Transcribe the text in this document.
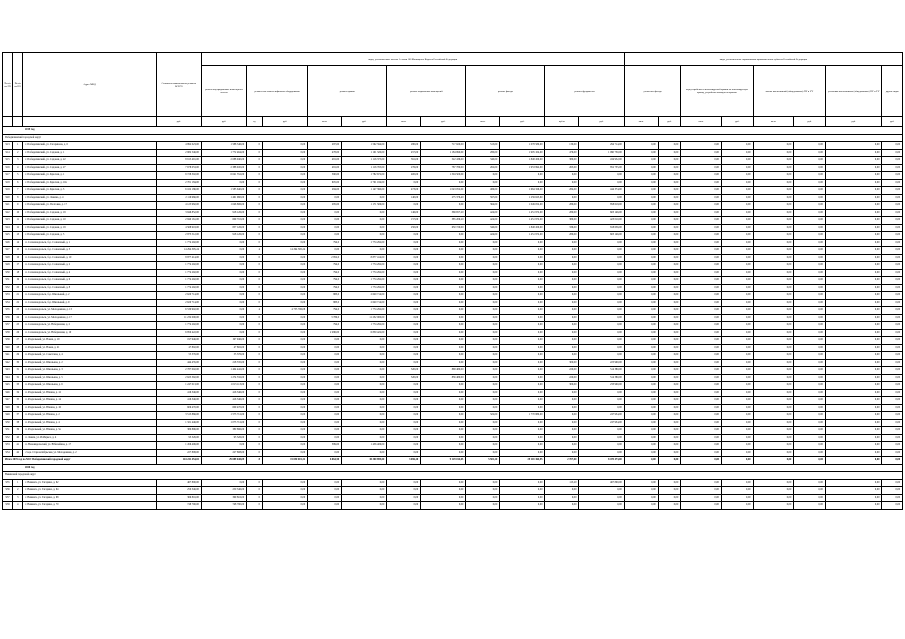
№ п/п по РП	№ п/п по НО	Адрес МКД	Стоимость капитального ремонта ВСЕГО	виды, установленные частью 1 статьи 166 Жилищного Кодекса Российской Федерации											виды, установленные нормативным правовым актом субъекта Российской Федерации							
				ремонт внутридомовых инженерных систем	ремонт или замена лифтового оборудования		ремонт крыши		ремонт подвальных помещений		ремонт фасада		ремонт фундамента		утепление фасада		переустройство невентилируемой крыши на вентилируемую крышу, устройство выходов на кровлю		замена коллективной (общедомовых) ПУ и УУ		установка коллективных (общедомовых) ПУ и УУ	другие виды
			руб.	руб.	ед.	руб.	кв.м.	руб.	кв.м.	руб.	кв.м.	руб.	куб.м.	руб.	кв.м.	руб.	кв.м.	руб.	кв.м.	руб.	руб.	руб.
2019 год																						
Победилинский городской округ																						
913	1	г. Победилинский, ул. Гагаринова, д. 6	4 892 023,00	1 588 546,00	0	0,00	287,00	1 592 594,00	280,00	717 920,00	515,00	1 078 580,00	130,00	294 714,00	0,00	0,00	0,00	0,00	0,00	0,00	0,00	0,00
914	2	г. Победилинский, ул. Садовая, д. 1	2 982 546,00	1 772 464,00	0	0,00	478,00	1 101 320,00	457,00	1 184 990,00	280,00	1 905 104,00	476,00	1 090 730,00	0,00	0,00	0,00	0,00	0,00	0,00	0,00	0,00
915	3	г. Победилинский, ул. Садовая, д. 22	8 915 491,00	2 088 940,00	0	0,00	481,00	1 116 375,00	391,00	522 436,00	340,00	1 848 450,00	380,00	434 952,00	0,00	0,00	0,00	0,00	0,00	0,00	0,00	0,00
916	4	г. Победилинский, ул. Садовая, д. 27	7 678 053,00	2 388 945,00	0	0,00	481,00	1 116 765,00	276,00	787 780,00	262,00	1 953 992,00	265,00	852 735,00	0,00	0,00	0,00	0,00	0,00	0,00	0,00	0,00
917	5	г. Победилинский, ул. Красная, д. 1	9 728 302,00	6 041 552,00	0	0,00	590,00	1 782 672,00	400,00	1 304 500,00	0,00	0,00	0,00	0,00	0,00	0,00	0,00	0,00	0,00	0,00	0,00	0,00
918	6	г. Победилинский, ул. Красная, д. 10а	2 701 184,00	0,00	0	0,00	605,00	2 701 184,00	0,00	0,00	0,00	0,00	0,00	0,00	0,00	0,00	0,00	0,00	0,00	0,00	0,00	0,00
919	7	г. Победилинский, ул. Красная, д. 3	6 162 186,00	1 585 640,00	0	0,00	284,00	1 147 390,00	473,00	1 043 052,00	486,00	1 664 326,00	284,00	444 374,00	0,00	0,00	0,00	0,00	0,00	0,00	0,00	0,00
920	8	г. Победилинский, ул. Ленина, д. 4	2 116 966,00	1 461 960,00	0	0,00	0,00	0,00	140,00	275 376,40	597,00	1 259 625,60	0,00	0,00	0,00	0,00	0,00	0,00	0,00	0,00	0,00	0,00
921	9	г. Победилинский, ул. Почтовая, д. 17	4 125 982,00	1 046 806,00	0	0,00	285,00	1 171 506,00	0,00	0,00	364,00	1 049 052,00	280,00	858 618,00	0,00	0,00	0,00	0,00	0,00	0,00	0,00	0,00
922	10	г. Победилинский, ул. Садовая, д. 19	3 946 852,00	918 126,00	0	0,00	0,00	0,00	146,00	369 657,20	424,00	1 451 972,00	280,00	603 146,00	0,00	0,00	0,00	0,00	0,00	0,00	0,00	0,00
923	11	г. Победилинский, ул. Садовая, д. 10	2 840 161,00	609 710,00	0	0,00	0,00	0,00	157,00	385 209,20	424,00	1 451 972,00	380,00	423 010,00	0,00	0,00	0,00	0,00	0,00	0,00	0,00	0,00
924	12	г. Победилинский, ул. Садовая, д. 19	4 568 918,00	857 126,00	0	0,00	0,00	0,00	250,00	650 720,00	340,00	1 848 450,00	336,00	818 656,00	0,00	0,00	0,00	0,00	0,00	0,00	0,00	0,00
925	13	г. Победилинский, ул. Садовая, д. 5	2 873 512,00	918 126,00	0	0,00	0,00	0,00	0,00	0,00	424,00	1 451 972,00	280,00	603 146,00	0,00	0,00	0,00	0,00	0,00	0,00	0,00	0,00
926	14	п. Солнечнодольск, б-р. Солнечный, д. 1	1 774 292,00	0,00	0	0,00	794,0	1 774 292,00	0,00	0,00	0,00	0,00	0,00	0,00	0,00	0,00	0,00	0,00	0,00	0,00	0,00	0,00
927	15	п. Солнечнодольск, б-р. Солнечный, д. 3	14 294 395,24	0,00	4	14 294 395,24	0,00	0,00	0,00	0,00	0,00	0,00	0,00	0,00	0,00	0,00	0,00	0,00	0,00	0,00	0,00	0,00
928	16	п. Солнечнодольск, б-р. Солнечный, д. 10	8 877 414,00	0,00	0	0,00	2 852,0	8 877 414,00	0,00	0,00	0,00	0,00	0,00	0,00	0,00	0,00	0,00	0,00	0,00	0,00	0,00	0,00
929	17	п. Солнечнодольск, б-р. Солнечный, д. 2	1 774 292,00	0,00	0	0,00	794,0	1 774 292,00	0,00	0,00	0,00	0,00	0,00	0,00	0,00	0,00	0,00	0,00	0,00	0,00	0,00	0,00
930	18	п. Солнечнодольск, б-р. Солнечный, д. 4	1 774 292,00	0,00	0	0,00	794,0	1 774 292,00	0,00	0,00	0,00	0,00	0,00	0,00	0,00	0,00	0,00	0,00	0,00	0,00	0,00	0,00
931	19	п. Солнечнодольск, б-р. Солнечный, д. 6	1 774 292,00	0,00	0	0,00	794,0	1 774 292,00	0,00	0,00	0,00	0,00	0,00	0,00	0,00	0,00	0,00	0,00	0,00	0,00	0,00	0,00
932	20	п. Солнечнодольск, б-р. Солнечный, д. 8	1 774 292,00	0,00	0	0,00	794,0	1 774 292,00	0,00	0,00	0,00	0,00	0,00	0,00	0,00	0,00	0,00	0,00	0,00	0,00	0,00	0,00
933	21	п. Солнечнодольск, б-р. Школьный, д. 2	2 620 714,00	0,00	0	0,00	883,0	2 620 714,00	0,00	0,00	0,00	0,00	0,00	0,00	0,00	0,00	0,00	0,00	0,00	0,00	0,00	0,00
934	22	п. Солнечнодольск, б-р. Школьный, д. 9	2 620 714,00	0,00	0	0,00	883,0	2 620 714,00	0,00	0,00	0,00	0,00	0,00	0,00	0,00	0,00	0,00	0,00	0,00	0,00	0,00	0,00
935	23	п. Солнечнодольск, ул. Молодежная, д. 13	6 530 902,00	0,00	4	4 755 706,08	794,0	1 774 292,00	0,00	0,00	0,00	0,00	0,00	0,00	0,00	0,00	0,00	0,00	0,00	0,00	0,00	0,00
936	24	п. Солнечнодольск, ул. Молодежная, д. 17	11 232 000,00	0,00	0	0,00	3 786,0	11 232 000,00	0,00	0,00	0,00	0,00	0,00	0,00	0,00	0,00	0,00	0,00	0,00	0,00	0,00	0,00
937	25	п. Солнечнодольск, ул. Набережная, д. 2	1 774 292,00	0,00	0	0,00	794,0	1 774 292,00	0,00	0,00	0,00	0,00	0,00	0,00	0,00	0,00	0,00	0,00	0,00	0,00	0,00	0,00
938	26	п. Солнечнодольск, ул. Набережная, д. 10	6 850 422,00	0,00	0	0,00	2 286,00	6 850 422,00	0,00	0,00	0,00	0,00	0,00	0,00	0,00	0,00	0,00	0,00	0,00	0,00	0,00	0,00
939	27	п. Раздольный, ул. Новая, д. 19	197 946,00	197 946,00	0	0,00	0,00	0,00	0,00	0,00	0,00	0,00	0,00	0,00	0,00	0,00	0,00	0,00	0,00	0,00	0,00	0,00
940	28	п. Раздольный, ул. Новая, д. 21	47 802,00	47 802,00	0	0,00	0,00	0,00	0,00	0,00	0,00	0,00	0,00	0,00	0,00	0,00	0,00	0,00	0,00	0,00	0,00	0,00
941	29	п. Раздольный, ул. Советская, д. 4	55 376,00	55 376,00	0	0,00	0,00	0,00	0,00	0,00	0,00	0,00	0,00	0,00	0,00	0,00	0,00	0,00	0,00	0,00	0,00	0,00
942	30	п. Раздольный, ул. Школьная, д. 2	444 435,00	218 535,00	0	0,00	0,00	0,00	0,00	0,00	0,00	0,00	300,00	225 900,00	0,00	0,00	0,00	0,00	0,00	0,00	0,00	0,00
943	31	п. Раздольный, ул. Школьная, д. 3	2 787 002,00	1 404 442,00	0	0,00	0,00	0,00	320,00	868 480,00	0,00	0,00	220,00	514 380,00	0,00	0,00	0,00	0,00	0,00	0,00	0,00	0,00
944	32	п. Раздольный, ул. Школьная, д. 5	2 625 392,00	1 274 532,00	0	0,00	0,00	0,00	320,00	836 480,00	0,00	0,00	220,00	514 380,00	0,00	0,00	0,00	0,00	0,00	0,00	0,00	0,00
945	33	п. Раздольный, ул. Школьная, д. 6	1 247 013,00	1 013 113,00	0	0,00	0,00	0,00	0,00	0,00	0,00	0,00	300,00	233 900,00	0,00	0,00	0,00	0,00	0,00	0,00	0,00	0,00
946	34	п. Раздольный, ул. Южная, д. 12	416 346,00	416 346,00	0	0,00	0,00	0,00	0,00	0,00	0,00	0,00	0,00	0,00	0,00	0,00	0,00	0,00	0,00	0,00	0,00	0,00
947	35	п. Раздольный, ул. Южная, д. 14	416 346,00	416 346,00	0	0,00	0,00	0,00	0,00	0,00	0,00	0,00	0,00	0,00	0,00	0,00	0,00	0,00	0,00	0,00	0,00	0,00
948	36	п. Раздольный, ул. Южная, д. 16	609 470,00	609 470,00	0	0,00	0,00	0,00	0,00	0,00	0,00	0,00	0,00	0,00	0,00	0,00	0,00	0,00	0,00	0,00	0,00	0,00
949	37	п. Раздольный, ул. Южная, д. 2	3 515 866,00	1 573 712,00	0	0,00	0,00	0,00	0,00	0,00	322,00	1 770 880,00	0,00	247 934,00	0,00	0,00	0,00	0,00	0,00	0,00	0,00	0,00
950	38	п. Раздольный, ул. Южная, д. 4	1 321 446,00	1 073 712,00	0	0,00	0,00	0,00	0,00	0,00	0,00	0,00	0,00	247 934,00	0,00	0,00	0,00	0,00	0,00	0,00	0,00	0,00
951	39	п. Раздольный, ул. Южная, д. 5а	380 896,00	380 896,00	0	0,00	0,00	0,00	0,00	0,00	0,00	0,00	0,00	0,00	0,00	0,00	0,00	0,00	0,00	0,00	0,00	0,00
952	40	п. Ленин, ул. И.Маркса, д. 4	93 326,00	93 326,00	0	0,00	0,00	0,00	0,00	0,00	0,00	0,00	0,00	0,00	0,00	0,00	0,00	0,00	0,00	0,00	0,00	0,00
953	41	п. Новоивдольский, ул. Юбилейная, д. 17	1 456 406,00	0,00	0	0,00	389,00	1 456 406,00	0,00	0,00	0,00	0,00	0,00	0,00	0,00	0,00	0,00	0,00	0,00	0,00	0,00	0,00
954	42	ст-ца. Старооктябрьская, ул. Молодежная, д. 2	227 808,00	227 808,00	0	0,00	0,00	0,00	0,00	0,00	0,00	0,00	0,00	0,00	0,00	0,00	0,00	0,00	0,00	0,00	0,00	0,00
Итого 2019 год по МО: Победилинский городской округ			144 241 454,02	29 089 640,09	8	15 050 001,32	6 064,50	30 300 899,00	3 696,20	9 129 014,05	5 581,20	29 101 364,95	2 707,00	8 470 473,00	0,00	0,00	0,00	0,00	0,00	0,00	0,00	0,00
2020 год																						
Невинский городской округ																						
955	1	г. Невинск, ул. Гагарина, д. 62	467 800,00	0,00	0	0,00	0,00	0,00	0,00	0,00	0,00	0,00	115,20	467 800,00	0,00	0,00	0,00	0,00	0,00	0,00	0,00	0,00
956	2	г. Невинск, ул. Гагарина, д. 64	250 346,00	250 346,00	0	0,00	0,00	0,00	0,00	0,00	0,00	0,00	0,00	0,00	0,00	0,00	0,00	0,00	0,00	0,00	0,00	0,00
957	3	г. Невинск, ул. Гагарина, д. 68	369 816,00	369 816,00	0	0,00	0,00	0,00	0,00	0,00	0,00	0,00	0,00	0,00	0,00	0,00	0,00	0,00	0,00	0,00	0,00	0,00
958	4	г. Невинск, ул. Гагарина, д. 70	748 790,00	748 790,00	0	0,00	0,00	0,00	0,00	0,00	0,00	0,00	0,00	0,00	0,00	0,00	0,00	0,00	0,00	0,00	0,00	0,00
